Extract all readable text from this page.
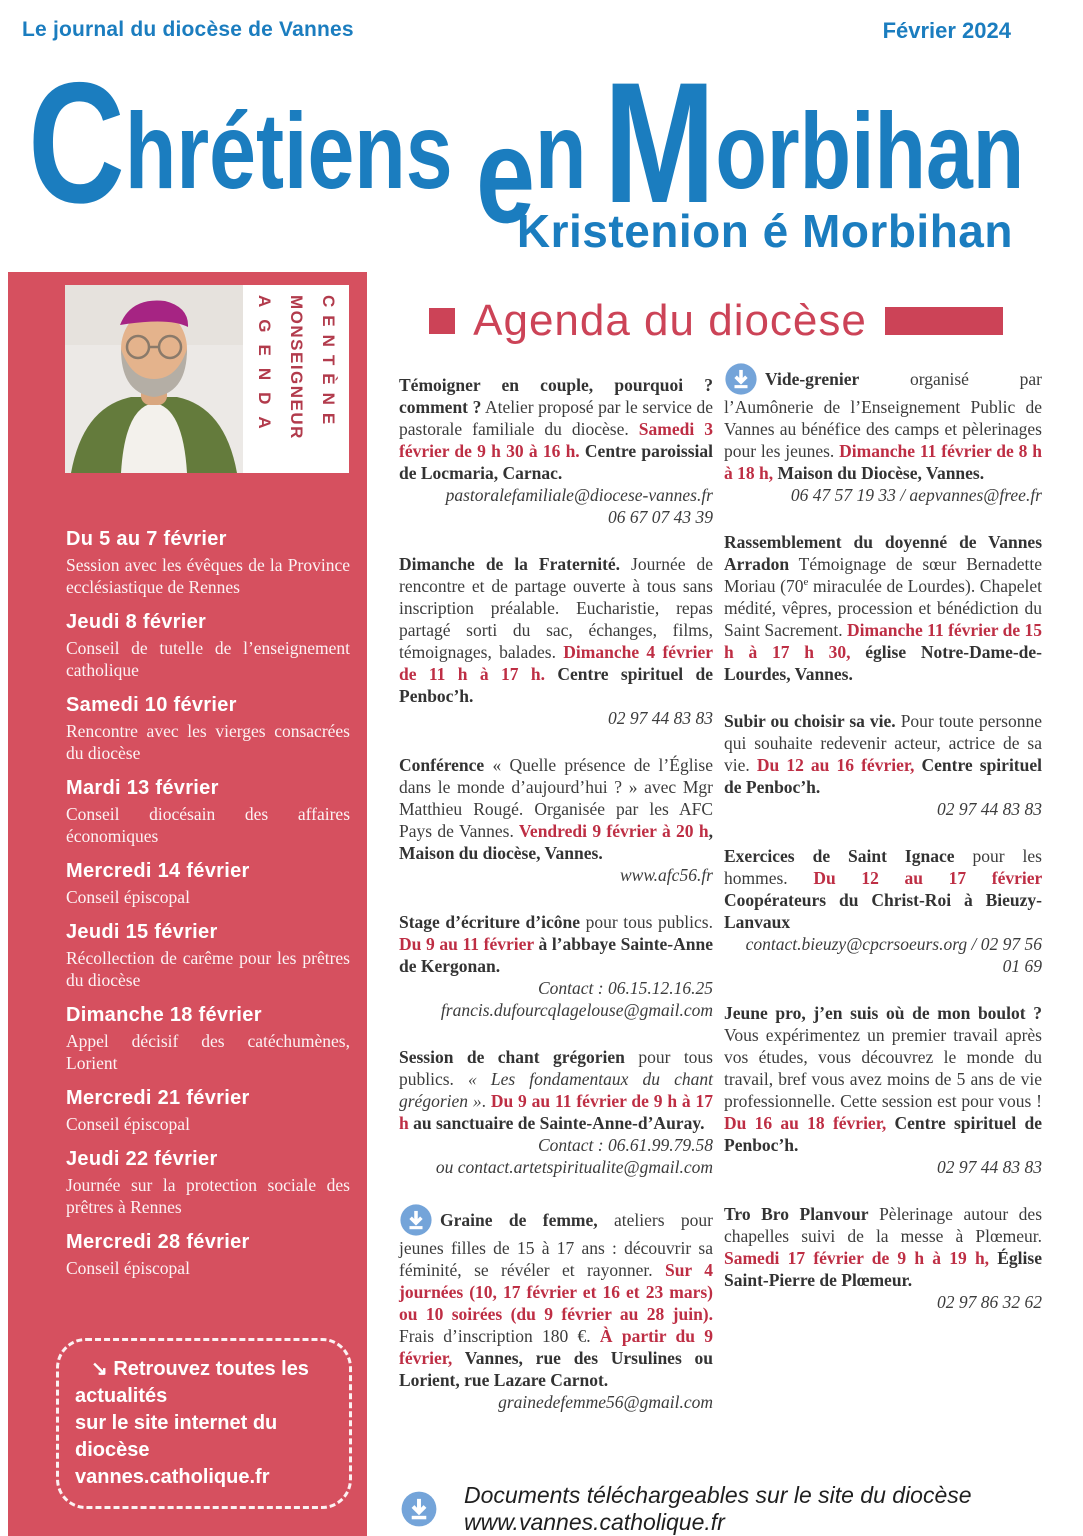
Le journal du diocèse de Vannes	Février 2024
C hrétiens e n M orbihan
Kristenion é Morbihan
AGENDA MONSEIGNEUR CENTÈNE
Du 5 au 7 février
Session avec les évêques de la Province ecclésiastique de Rennes
Jeudi 8 février
Conseil de tutelle de l’enseignement catholique
Samedi 10 février
Rencontre avec les vierges consacrées du diocèse
Mardi 13 février
Conseil diocésain des affaires économiques
Mercredi 14 février
Conseil épiscopal
Jeudi 15 février
Récollection de carême pour les prêtres du diocèse
Dimanche 18 février
Appel décisif des catéchumènes, Lorient
Mercredi 21 février
Conseil épiscopal
Jeudi 22 février
Journée sur la protection sociale des prêtres à Rennes
Mercredi 28 février
Conseil épiscopal
↘ Retrouvez toutes les actualités
sur le site internet du diocèse
vannes.catholique.fr
Agenda du diocèse

Témoigner en couple, pourquoi ? comment ? Atelier proposé par le service de pastorale familiale du diocèse. Samedi 3 février de 9 h 30 à 16 h. Centre paroissial de Locmaria, Carnac.

pastoralefamiliale@diocese-vannes.fr
06 67 07 43 39

Dimanche de la Fraternité. Journée de rencontre et de partage ouverte à tous sans inscription préalable. Eucharistie, repas partagé sorti du sac, échanges, films, témoignages, balades. Dimanche 4 février de 11 h à 17 h. Centre spirituel de Penboc’h.

02 97 44 83 83

Conférence « Quelle présence de l’Église dans le monde d’aujourd’hui ? » avec Mgr Matthieu Rougé. Organisée par les AFC Pays de Vannes. Vendredi 9 février à 20 h, Maison du diocèse, Vannes.

www.afc56.fr

Stage d’écriture d’icône pour tous publics. Du 9 au 11 février à l’abbaye Sainte-Anne de Kergonan.

Contact : 06.15.12.16.25
francis.dufourcqlagelouse@gmail.com

Session de chant grégorien pour tous publics. « Les fondamentaux du chant grégorien ». Du 9 au 11 février de 9 h à 17 h au sanctuaire de Sainte-Anne-d’Auray.

Contact : 06.61.99.79.58
ou contact.artetspiritualite@gmail.com

Graine de femme, ateliers pour jeunes filles de 15 à 17 ans : découvrir sa féminité, se révéler et rayonner. Sur 4 journées (10, 17 février et 16 et 23 mars) ou 10 soirées (du 9 février au 28 juin). Frais d’inscription 180 €. À partir du 9 février, Vannes, rue des Ursulines ou Lorient, rue Lazare Carnot.

grainedefemme56@gmail.com

Vide-grenier organisé par l’Aumônerie de l’Enseignement Public de Vannes au bénéfice des camps et pèlerinages pour les jeunes. Dimanche 11 février de 8 h à 18 h, Maison du Diocèse, Vannes.

06 47 57 19 33 / aepvannes@free.fr

Rassemblement du doyenné de Vannes Arradon Témoignage de sœur Bernadette Moriau (70e miraculée de Lourdes). Chapelet médité, vêpres, procession et bénédiction du Saint Sacrement. Dimanche 11 février de 15 h à 17 h 30, église Notre-Dame-de-Lourdes, Vannes.

Subir ou choisir sa vie. Pour toute personne qui souhaite redevenir acteur, actrice de sa vie. Du 12 au 16 février, Centre spirituel de Penboc’h.

02 97 44 83 83

Exercices de Saint Ignace pour les hommes. Du 12 au 17 février Coopérateurs du Christ-Roi à Bieuzy-Lanvaux

contact.bieuzy@cpcrsoeurs.org / 02 97 56 01 69

Jeune pro, j’en suis où de mon boulot ? Vous expérimentez un premier travail après vos études, vous découvrez le monde du travail, bref vous avez moins de 5 ans de vie professionnelle. Cette session est pour vous ! Du 16 au 18 février, Centre spirituel de Penboc’h.

02 97 44 83 83

Tro Bro Planvour Pèlerinage autour des chapelles suivi de la messe à Plœmeur. Samedi 17 février de 9 h à 19 h, Église Saint-Pierre de Plœmeur.

02 97 86 32 62
Documents téléchargeables sur le site du diocèse www.vannes.catholique.fr
